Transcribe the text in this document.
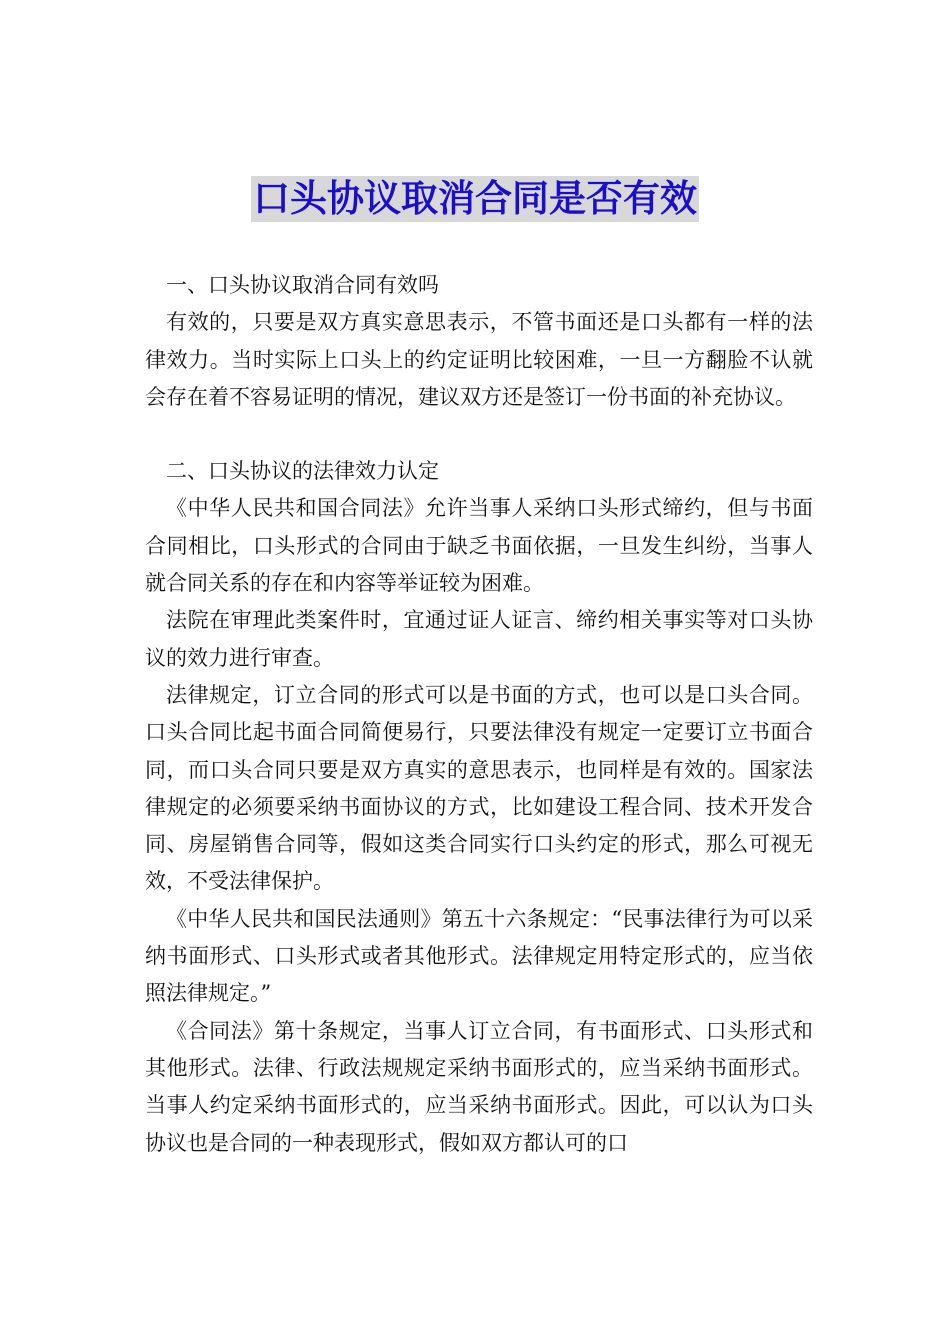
口头协议取消合同是否有效

一、口头协议取消合同有效吗

有效的，只要是双方真实意思表示，不管书面还是口头都有一样的法律效力。当时实际上口头上的约定证明比较困难，一旦一方翻脸不认就会存在着不容易证明的情况，建议双方还是签订一份书面的补充协议。

二、口头协议的法律效力认定

《中华人民共和国合同法》允许当事人采纳口头形式缔约，但与书面合同相比，口头形式的合同由于缺乏书面依据，一旦发生纠纷，当事人就合同关系的存在和内容等举证较为困难。

法院在审理此类案件时，宜通过证人证言、缔约相关事实等对口头协议的效力进行审查。

法律规定，订立合同的形式可以是书面的方式，也可以是口头合同。口头合同比起书面合同简便易行，只要法律没有规定一定要订立书面合同，而口头合同只要是双方真实的意思表示，也同样是有效的。国家法律规定的必须要采纳书面协议的方式，比如建设工程合同、技术开发合同、房屋销售合同等，假如这类合同实行口头约定的形式，那么可视无效，不受法律保护。

《中华人民共和国民法通则》第五十六条规定：“民事法律行为可以采纳书面形式、口头形式或者其他形式。法律规定用特定形式的，应当依照法律规定。”

《合同法》第十条规定，当事人订立合同，有书面形式、口头形式和其他形式。法律、行政法规规定采纳书面形式的，应当采纳书面形式。当事人约定采纳书面形式的，应当采纳书面形式。因此，可以认为口头协议也是合同的一种表现形式，假如双方都认可的口
